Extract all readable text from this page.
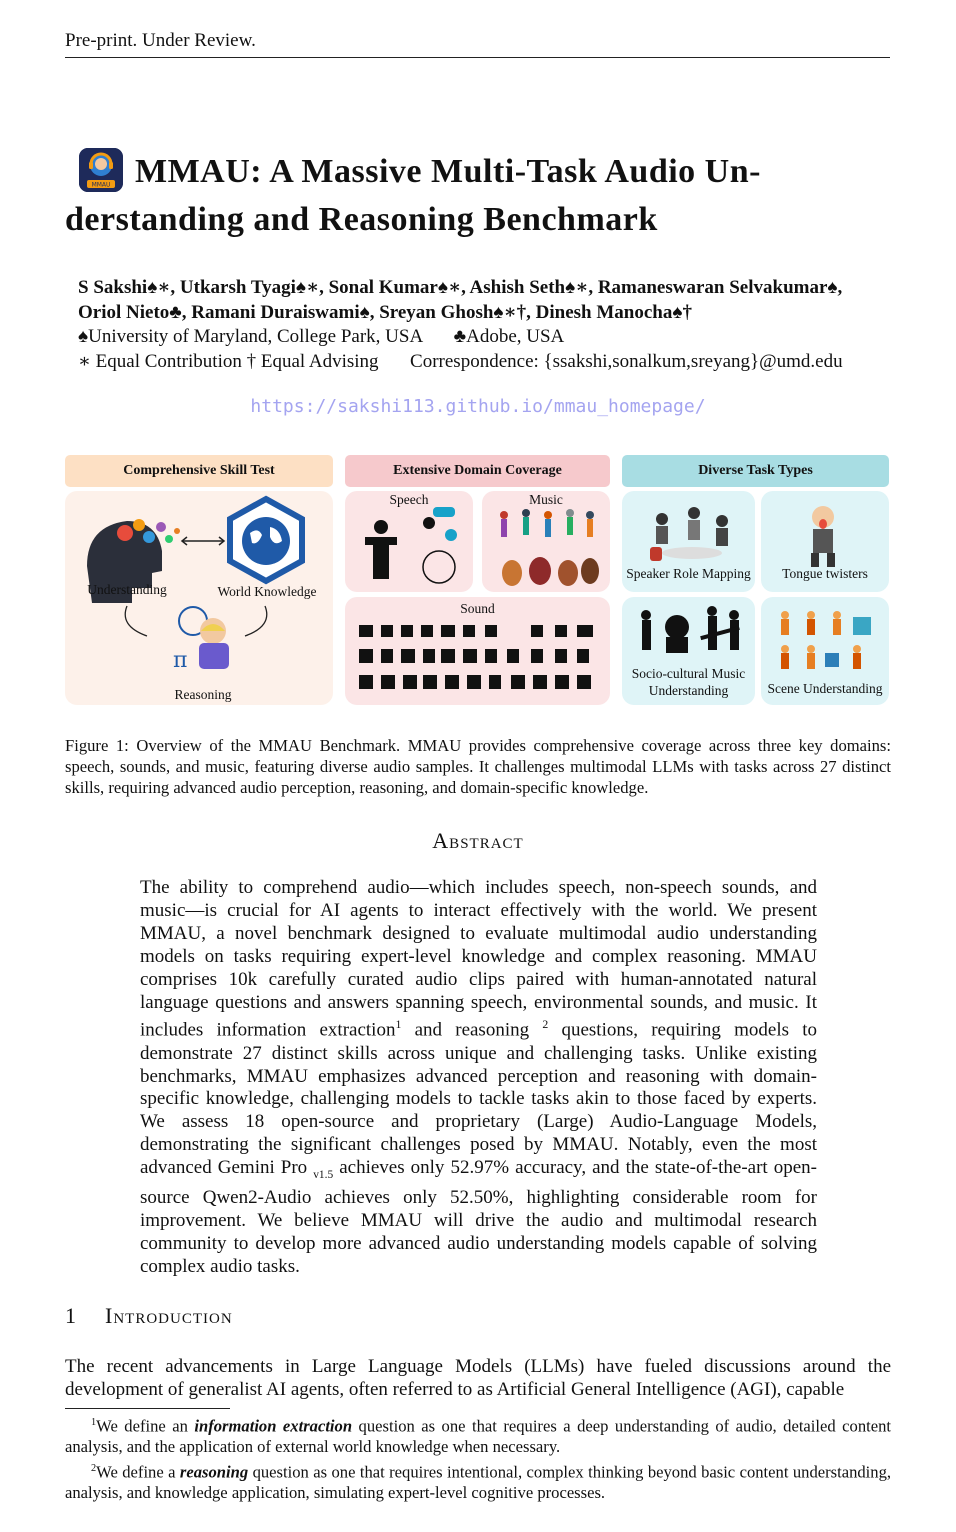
Pre-print. Under Review.
MMAU MMAU: A Massive Multi-Task Audio Un-
derstanding and Reasoning Benchmark
S Sakshi♠∗, Utkarsh Tyagi♠∗, Sonal Kumar♠∗, Ashish Seth♠∗, Ramaneswaran Selvakumar♠,
Oriol Nieto♣, Ramani Duraiswami♠, Sreyan Ghosh♠∗†, Dinesh Manocha♠†
♠University of Maryland, College Park, USA ♣Adobe, USA
∗ Equal Contribution † Equal Advising Correspondence: {ssakshi,sonalkum,sreyang}@umd.edu
https://sakshi113.github.io/mmau_homepage/
Comprehensive Skill Test	Extensive Domain Coverage	Diverse Task Types
π
Understanding	World Knowledge
Reasoning
Speech	Music
Sound
Speaker Role Mapping	Tongue twisters
Socio-cultural Music
Understanding	Scene Understanding
Figure 1: Overview of the MMAU Benchmark. MMAU provides comprehensive coverage across three key domains: speech, sounds, and music, featuring diverse audio samples. It challenges multimodal LLMs with tasks across 27 distinct skills, requiring advanced audio perception, reasoning, and domain-specific knowledge.
Abstract
The ability to comprehend audio—which includes speech, non-speech sounds, and music—is crucial for AI agents to interact effectively with the world. We present MMAU, a novel benchmark designed to evaluate multimodal audio understanding models on tasks requiring expert-level knowledge and complex reasoning. MMAU comprises 10k carefully curated audio clips paired with human-annotated natural language questions and answers spanning speech, environmental sounds, and music. It includes information extraction$^1$ and reasoning $^2$ questions, requiring models to demonstrate 27 distinct skills across unique and challenging tasks. Unlike existing benchmarks, MMAU emphasizes advanced perception and reasoning with domain-specific knowledge, challenging models to tackle tasks akin to those faced by experts. We assess 18 open-source and proprietary (Large) Audio-Language Models, demonstrating the significant challenges posed by MMAU. Notably, even the most advanced Gemini Pro $_{v1.5}$ achieves only 52.97% accuracy, and the state-of-the-art open-source Qwen2-Audio achieves only 52.50%, highlighting considerable room for improvement. We believe MMAU will drive the audio and multimodal research community to develop more advanced audio understanding models capable of solving complex audio tasks.
1 Introduction
The recent advancements in Large Language Models (LLMs) have fueled discussions around the development of generalist AI agents, often referred to as Artificial General Intelligence (AGI), capable
$^1$We define an information extraction question as one that requires a deep understanding of audio, detailed content analysis, and the application of external world knowledge when necessary.
$^2$We define a reasoning question as one that requires intentional, complex thinking beyond basic content understanding, analysis, and knowledge application, simulating expert-level cognitive processes.
